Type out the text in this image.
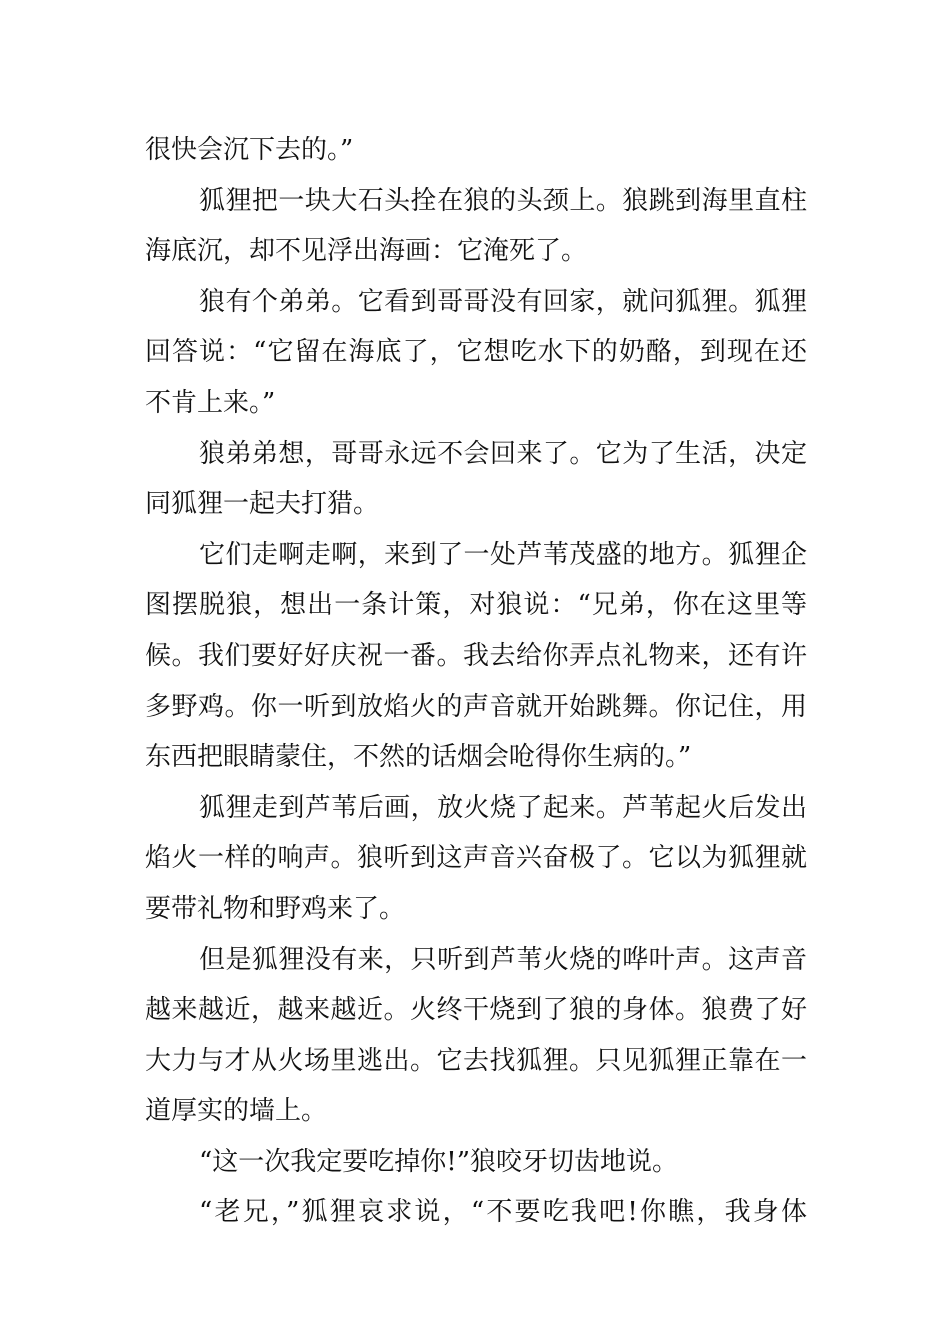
很快会沉下去的。”
狐狸把一块大石头拴在狼的头颈上。狼跳到海里直柱
海底沉，却不见浮出海画：它淹死了。
狼有个弟弟。它看到哥哥没有回家，就问狐狸。狐狸
回答说：“它留在海底了，它想吃水下的奶酪，到现在还
不肯上来。”
狼弟弟想，哥哥永远不会回来了。它为了生活，决定
同狐狸一起夫打猎。
它们走啊走啊，来到了一处芦苇茂盛的地方。狐狸企
图摆脱狼，想出一条计策，对狼说：“兄弟，你在这里等
候。我们要好好庆祝一番。我去给你弄点礼物来，还有许
多野鸡。你一听到放焰火的声音就开始跳舞。你记住，用
东西把眼睛蒙住，不然的话烟会呛得你生病的。”
狐狸走到芦苇后画，放火烧了起来。芦苇起火后发出
焰火一样的响声。狼听到这声音兴奋极了。它以为狐狸就
要带礼物和野鸡来了。
但是狐狸没有来，只听到芦苇火烧的哗叶声。这声音
越来越近，越来越近。火终干烧到了狼的身体。狼费了好
大力与才从火场里逃出。它去找狐狸。只见狐狸正靠在一
道厚实的墙上。
“这一次我定要吃掉你!”狼咬牙切齿地说。
“老兄，”狐狸哀求说，“不要吃我吧!你瞧，我身体
